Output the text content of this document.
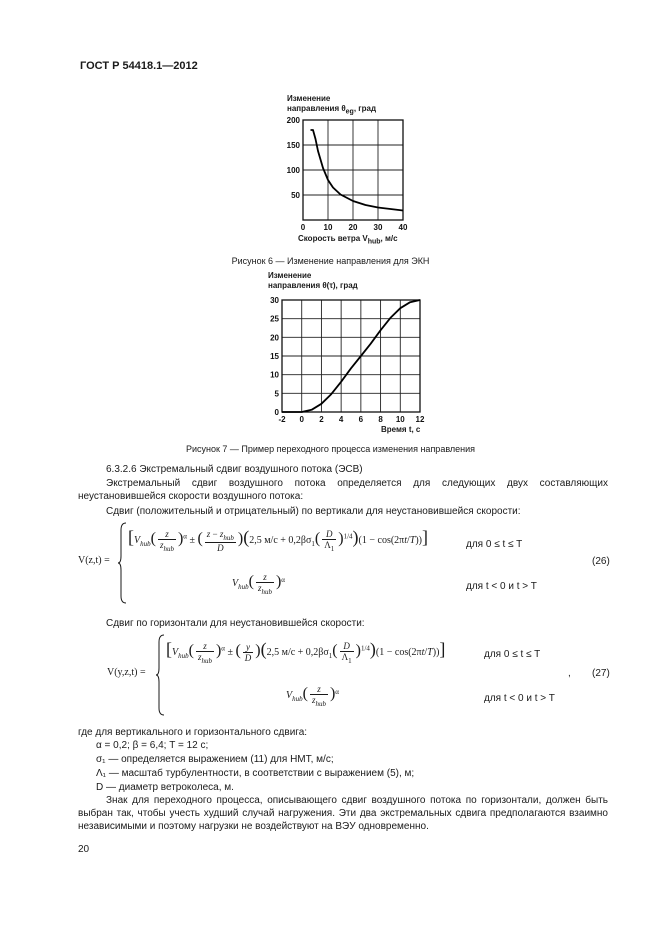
ГОСТ Р 54418.1—2012
Изменение
направления $\theta_{eg}$, град
0 10 20 30 40
200
150
100
50
Скорость ветра $V_{hub}$, м/с
Рисунок 6 — Изменение направления для ЭКН
Изменение
направления θ(τ), град
-2 0 2 4 6 8 10 12
30
25
20
15
10
5
0
Время t, с
Рисунок 7 — Пример переходного процесса изменения направления
6.3.2.6 Экстремальный сдвиг воздушного потока (ЭСВ)
Экстремальный сдвиг воздушного потока определяется для следующих двух составляющих неустановившейся скорости воздушного потока:
Сдвиг (положительный и отрицательный) по вертикали для неустановившейся скорости:
V(z,t) =
[$V_{hub}( \frac{z}{z_{hub}} )^\alpha$ ± ( $\frac{z - z_{hub}}{D} )(2,5$ $м/с + 0,2\beta\sigma_1( \frac{D}{\Lambda_1} )^{1/4})(1 - \cos(2\pi t/T))$]	для 0 ≤ t ≤ T
$V_{hub}( \frac{z}{z_{hub}} )^\alpha$
для t < 0 и t > T
(26)
Сдвиг по горизонтали для неустановившейся скорости:
V(y,z,t) =
[$V_{hub}( \frac{z}{z_{hub}} )^\alpha$ ± ( $\frac{y}{D} )(2,5$ $м/с + 0,2\beta\sigma_1( \frac{D}{\Lambda_1} )^{1/4})(1 - \cos(2\pi t/T))$]	для 0 ≤ t ≤ T
$V_{hub}( \frac{z}{z_{hub}} )^\alpha$
для t < 0 и t > T
, (27)
где для вертикального и горизонтального сдвига:
α = 0,2; β = 6,4; T = 12 с;
σ₁ — определяется выражением (11) для НМТ, м/с;
Λ₁ — масштаб турбулентности, в соответствии с выражением (5), м;
D — диаметр ветроколеса, м.
Знак для переходного процесса, описывающего сдвиг воздушного потока по горизонтали, должен быть выбран так, чтобы учесть худший случай нагружения. Эти два экстремальных сдвига предполагаются взаимно независимыми и поэтому нагрузки не воздействуют на ВЭУ одновременно.
20
